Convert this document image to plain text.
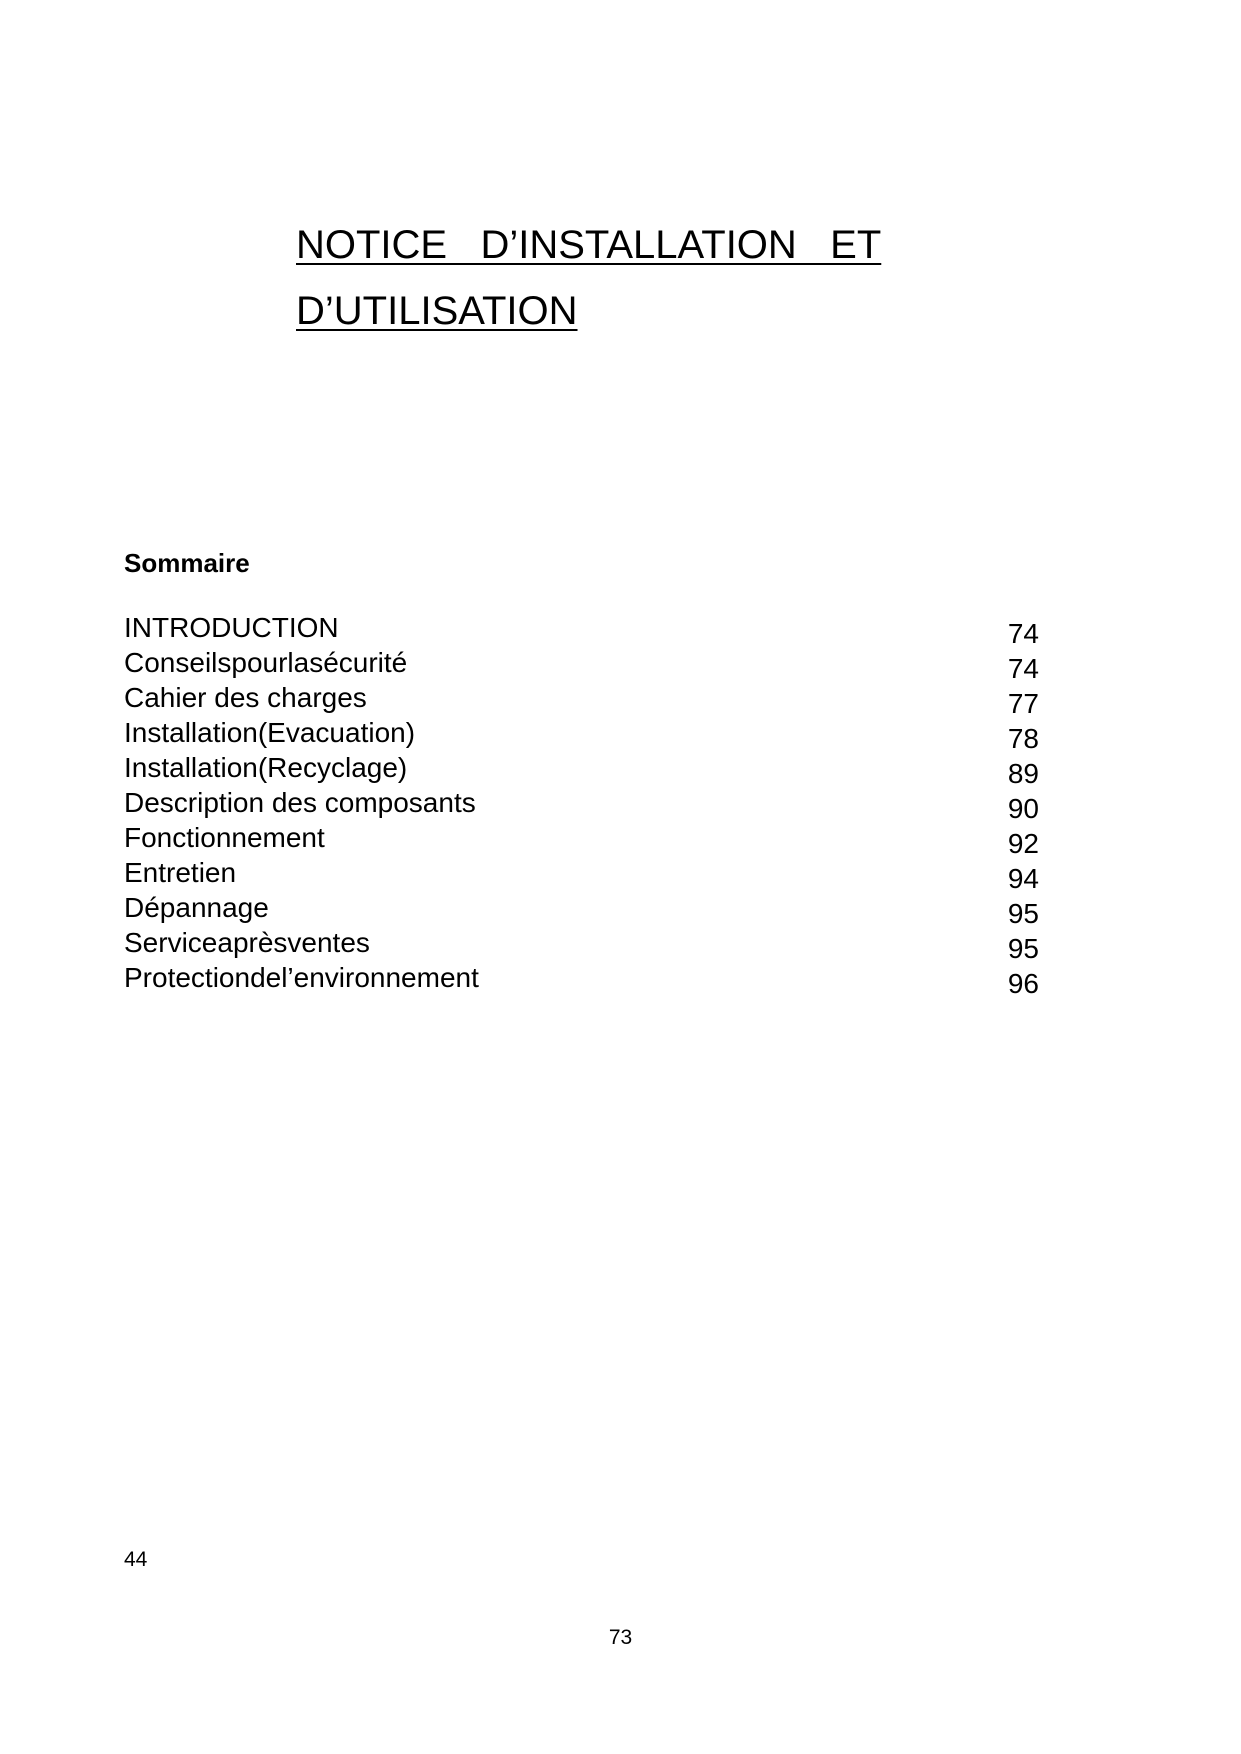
NOTICE   D’INSTALLATION   ET
D’UTILISATION
Sommaire
INTRODUCTION	74
Conseilspourlasécurité	74
Cahier des charges	77
Installation(Evacuation)	78
Installation(Recyclage)	89
Description des composants	90
Fonctionnement	92
Entretien	94
Dépannage	95
Serviceaprèsventes	95
Protectiondel’environnement	96
44
73
